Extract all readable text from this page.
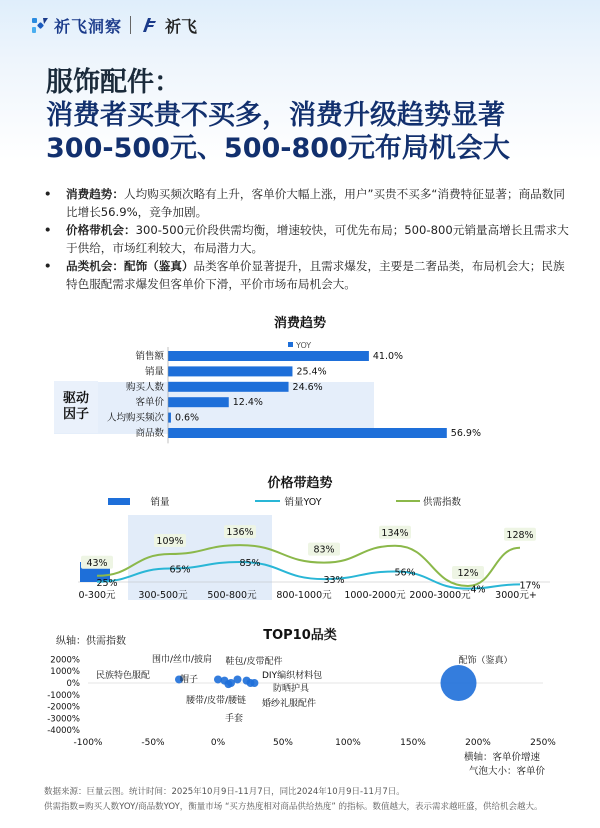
祈飞洞察	祈飞
服饰配件：
消费者买贵不买多，消费升级趋势显著
300-500元、500-800元布局机会大
• 消费趋势：人均购买频次略有上升，客单价大幅上涨，用户”买贵不买多“消费特征显著；商品数同比增长56.9%，竞争加剧。
• 价格带机会：300-500元价段供需均衡，增速较快，可优先布局；500-800元销量高增长且需求大于供给，市场红利较大，布局潜力大。
• 品类机会：配饰（鉴真）品类客单价显著提升，且需求爆发，主要是二奢品类，布局机会大；民族特色服配需求爆发但客单价下滑，平价市场布局机会大。
消费趋势
驱动因子
YOY
销售额	41.0%
销量	25.4%
购买人数	24.6%
客单价	12.4%
人均购买频次 0.6%
商品数	56.9%
价格带趋势
销量	销量YOY	供需指数
43%
109%
136%
83%
134%
12%
128%
25%
65%
85%
33%
56%
4%	17%
0-300元 300-500元 500-800元 800-1000元 1000-2000元 2000-3000元	3000元+
TOP10品类
纵轴：供需指数
2000%
1000%
0%
-1000%
-2000%
-3000%
-4000%
-100%	-50%	0%	50%	100%	150%	200%	250%
配饰（鉴真）
民族特色服配
围巾/丝巾/披肩
帽子
鞋包/皮带配件
DIY编织材料包
防晒护具
腰带/皮带/腰链 婚纱礼服配件
手套
横轴：客单价增速
气泡大小：客单价
数据来源：巨量云图。统计时间：2025年10月9日-11月7日，同比2024年10月9日-11月7日。
供需指数=购买人数YOY/商品数YOY，衡量市场 “买方热度相对商品供给热度” 的指标。数值越大，表示需求越旺盛，供给机会越大。
